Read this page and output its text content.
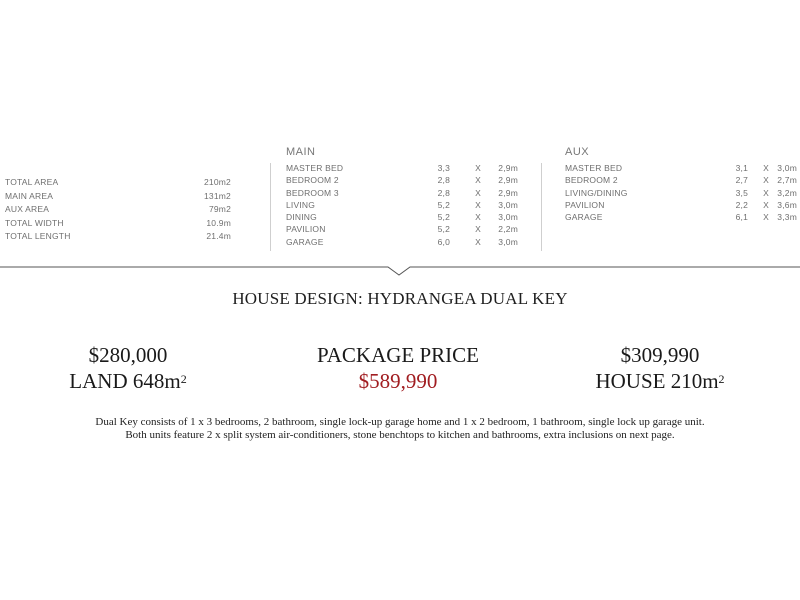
TOTAL AREA	210m2
MAIN AREA	131m2
AUX AREA	79m2
TOTAL WIDTH	10.9m
TOTAL LENGTH	21.4m
MAIN
MASTER BED	3,3	X	2,9m
BEDROOM 2	2,8	X	2,9m
BEDROOM 3	2,8	X	2,9m
LIVING	5,2	X	3,0m
DINING	5,2	X	3,0m
PAVILION	5,2	X	2,2m
GARAGE	6,0	X	3,0m
AUX
MASTER BED	3,1 X 3,0m
BEDROOM 2	2,7 X 2,7m
LIVING/DINING	3,5 X 3,2m
PAVILION	2,2 X 3,6m
GARAGE	6,1 X 3,3m
HOUSE DESIGN: HYDRANGEA DUAL KEY
$280,000
LAND $648m^2$
PACKAGE PRICE
$589,990
$309,990
HOUSE $210m^2$
Dual Key consists of 1 x 3 bedrooms, 2 bathroom, single lock-up garage home and 1 x 2 bedroom, 1 bathroom, single lock up garage unit.
Both units feature 2 x split system air-conditioners, stone benchtops to kitchen and bathrooms, extra inclusions on next page.
